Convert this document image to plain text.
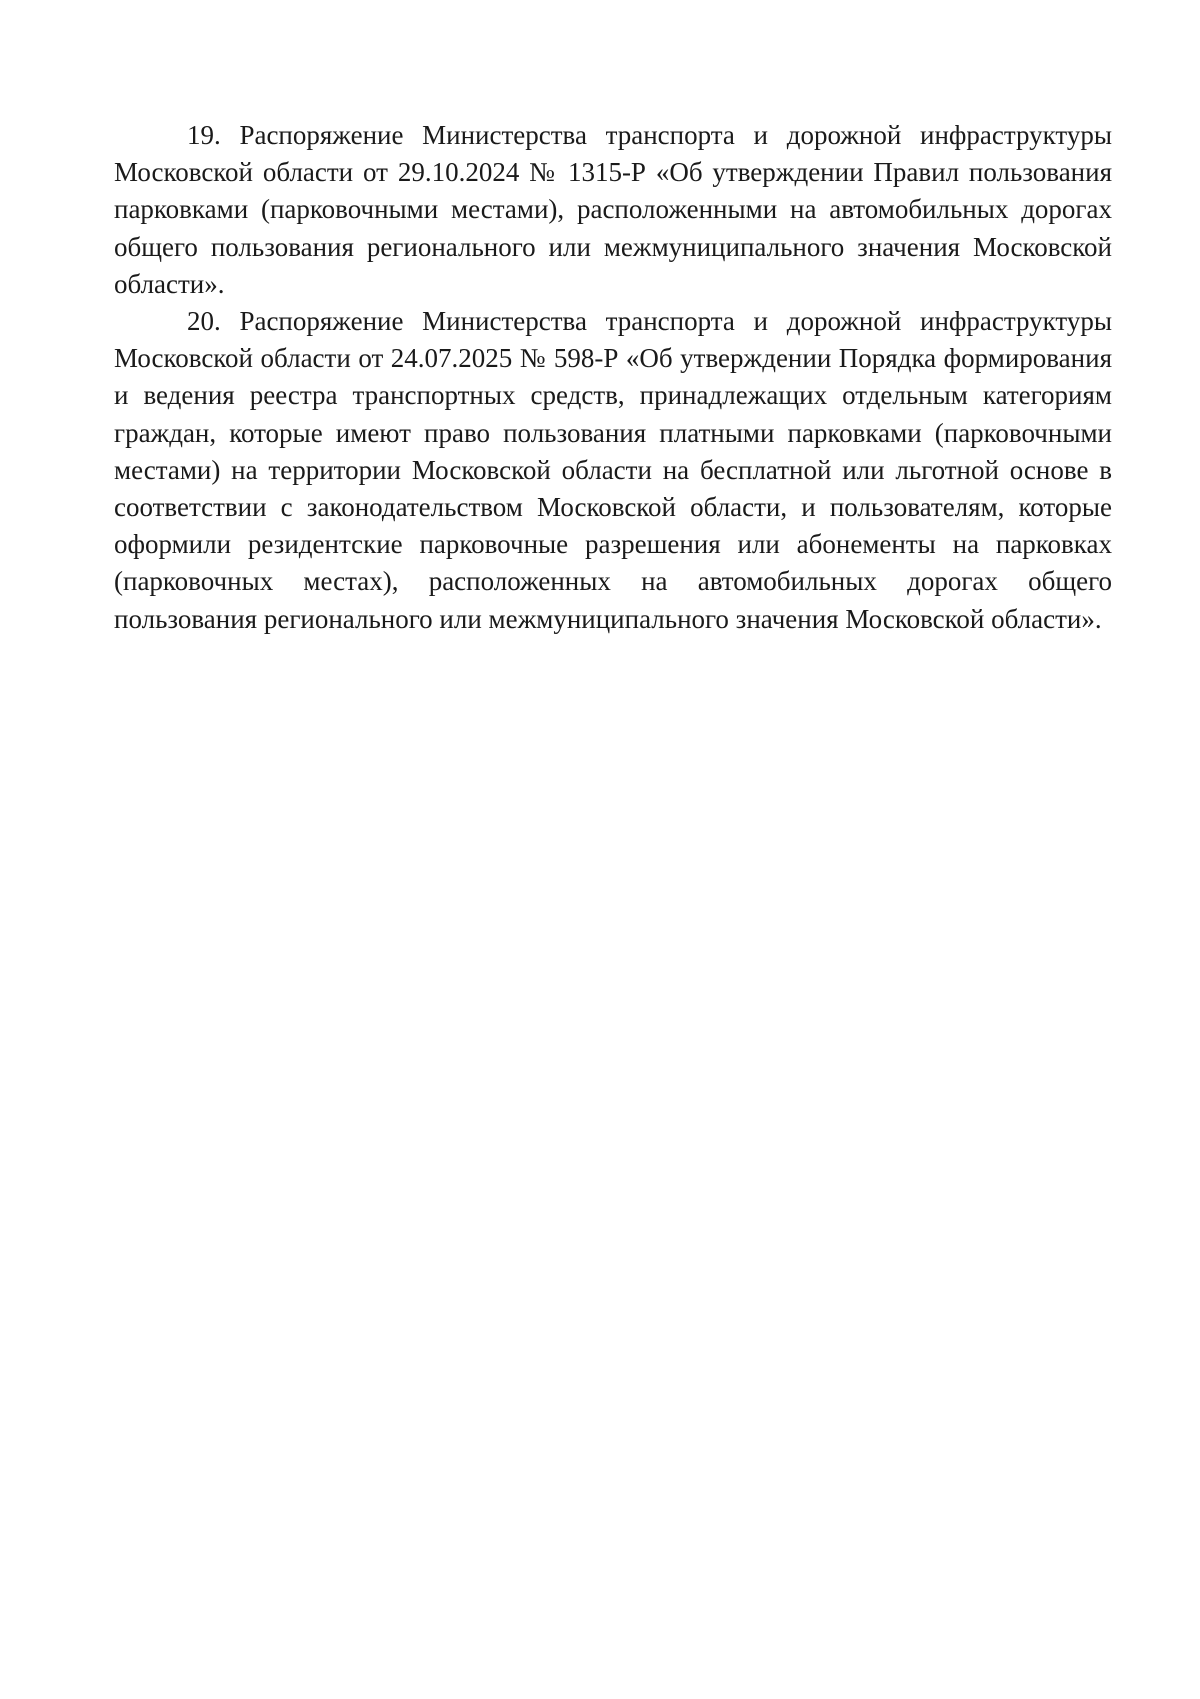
19. Распоряжение Министерства транспорта и дорожной инфраструктуры Московской области от 29.10.2024 № 1315-Р «Об утверждении Правил пользования парковками (парковочными местами), расположенными на автомобильных дорогах общего пользования регионального или межмуниципального значения Московской области».

20. Распоряжение Министерства транспорта и дорожной инфраструктуры Московской области от 24.07.2025 № 598-Р «Об утверждении Порядка формирования и ведения реестра транспортных средств, принадлежащих отдельным категориям граждан, которые имеют право пользования платными парковками (парковочными местами) на территории Московской области на бесплатной или льготной основе в соответствии с законодательством Московской области, и пользователям, которые оформили резидентские парковочные разрешения или абонементы на парковках (парковочных местах), расположенных на автомобильных дорогах общего пользования регионального или межмуниципального значения Московской области».
